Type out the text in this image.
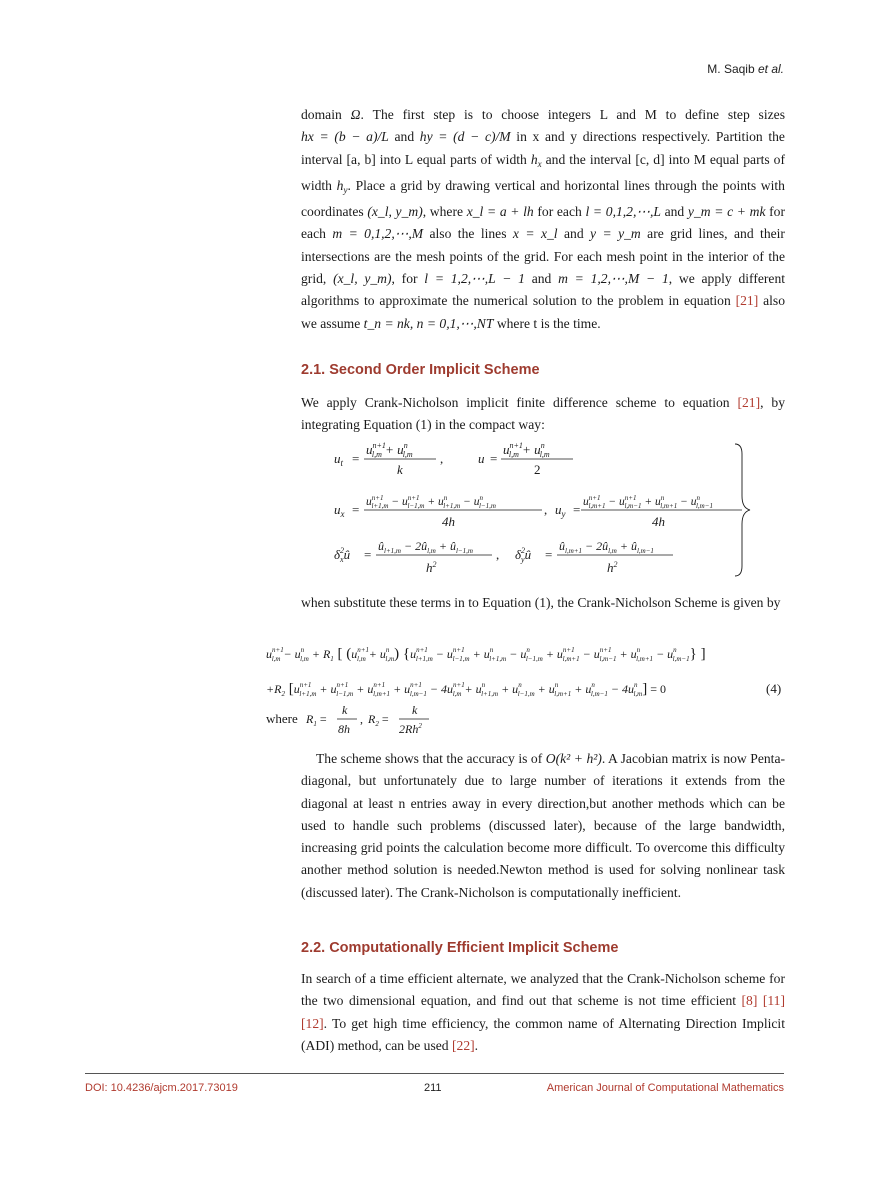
M. Saqib et al.

domain Ω. The first step is to choose integers L and M to define step sizes hx = (b − a)/L and hy = (d − c)/M in x and y directions respectively. Partition the interval [a, b] into L equal parts of width $h_x$ and the interval [c, d] into M equal parts of width $h_y$. Place a grid by drawing vertical and horizontal lines through the points with coordinates (x_l, y_m), where x_l = a + lh for each l = 0,1,2,⋯,L and y_m = c + mk for each m = 0,1,2,⋯,M also the lines x = x_l and y = y_m are grid lines, and their intersections are the mesh points of the grid. For each mesh point in the interior of the grid, (x_l, y_m), for l = 1,2,⋯,L − 1 and m = 1,2,⋯,M − 1, we apply different algorithms to approximate the numerical solution to the problem in equation [21] also we assume t_n = nk, n = 0,1,⋯,NT where t is the time.

2.1. Second Order Implicit Scheme
We apply Crank-Nicholson implicit finite difference scheme to equation [21], by integrating Equation (1) in the compact way:
$u_t$ =
$u^{n+1}$ $l,m + u^n$ l,m
k
,	u =
$u^{n+1}$ $l,m + u^n$ l,m
2
$u_x = u^{n+1}$ $l+1,m - u^{n+1}$ $l-1,m + u^n$ $l+1,m - u^n$ l−1,m
4h
, $u_y = u^{n+1}$ $l,m+1 - u^{n+1}$ $l,m-1 + u^n$ $l,m+1 - u^n$ l,m−1
4h
$\delta^2$ xû =
$û_{l+1,m}$ − $2û_{l,m}$ + $û_{l-1,m}$
$h^2$
, $\delta^2$ yû =
$û_{l,m+1}$ − $2û_{l,m}$ + $û_{l,m-1}$
$h^2$
when substitute these terms in to Equation (1), the Crank-Nicholson Scheme is given by
$u^{n+1}$ $l,m - u^n$ $l,m + R_1$ [ ($u^{n+1}$ $l,m + u^n$ l,m) {$u^{n+1}$ $l+1,m - u^{n+1}$ $l-1,m + u^n$ $l+1,m - u^n$ $l-1,m + u^{n+1}$ $l,m+1 - u^{n+1}$ $l,m-1 + u^n$ $l,m+1 - u^n$ l,m−1} ]
$+R_2$ [$u^{n+1}$ $l+1,m + u^{n+1}$ $l-1,m + u^{n+1}$ $l,m+1 + u^{n+1}$ $l,m-1 - 4u^{n+1}$ $l,m + u^n$ $l+1,m + u^n$ $l-1,m + u^n$ $l,m+1 + u^n$ $l,m-1 - 4u^n$ l,m] = 0
where $R_1$ =
k
8h
, $R_2$ =
k
2Rh$^2$
(4)
The scheme shows that the accuracy is of O(k² + h²). A Jacobian matrix is now Penta-diagonal, but unfortunately due to large number of iterations it extends from the diagonal at least n entries away in every direction,but another methods which can be used to handle such problems (discussed later), because of the large bandwidth, increasing grid points the calculation become more difficult. To overcome this difficulty another method solution is needed.Newton method is used for solving nonlinear task (discussed later). The Crank-Nicholson is computationally inefficient.
2.2. Computationally Efficient Implicit Scheme
In search of a time efficient alternate, we analyzed that the Crank-Nicholson scheme for the two dimensional equation, and find out that scheme is not time efficient [8] [11] [12]. To get high time efficiency, the common name of Alternating Direction Implicit (ADI) method, can be used [22].
DOI: 10.4236/ajcm.2017.73019	211	American Journal of Computational Mathematics
